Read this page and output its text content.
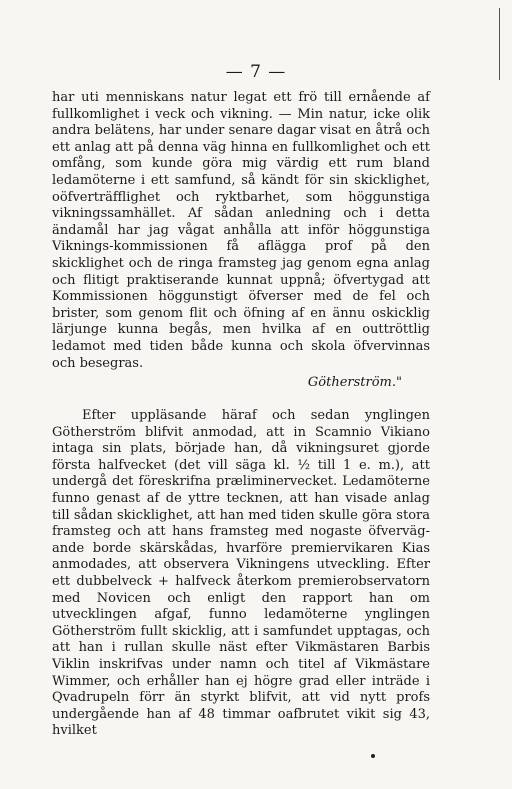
— 7 —

har uti menniskans natur legat ett frö till ernående af fullkomlighet i veck och vikning. — Min natur, icke olik andra belätens, har under senare dagar visat en åtrå och ett anlag att på denna väg hinna en fullkomlighet och ett omfång, som kunde göra mig värdig ett rum bland ledamöterne i ett samfund, så kändt för sin skicklighet, oöfverträfflighet och ryktbarhet, som höggunstiga vikningssamhället. Af sådan anledning och i detta ändamål har jag vågat anhålla att inför höggunstiga Viknings-kommissionen få aflägga prof på den skicklighet och de ringa framsteg jag genom egna anlag och flitigt praktiserande kunnat uppnå; öfvertygad att Kommissionen höggunstigt öfverser med de fel och brister, som genom flit och öfning af en ännu oskicklig lärjunge kunna begås, men hvilka af en outtröttlig ledamot med tiden både kunna och skola öfvervinnas och besegras.

Götherström."

Efter uppläsande häraf och sedan ynglingen Götherström blifvit anmodad, att in Scamnio Vikiano intaga sin plats, började han, då vikningsuret gjorde första halfvecket (det vill säga kl. ½ till 1 e. m.), att undergå det föreskrifna præliminervecket. Ledamöterne funno genast af de yttre tecknen, att han visade anlag till sådan skicklighet, att han med tiden skulle göra stora framsteg och att hans framsteg med nogaste öfvervägande borde skärskådas, hvarföre premiervikaren Kias anmodades, att observera Vikningens utveckling. Efter ett dubbelveck + halfveck återkom premierobservatorn med Novicen och enligt den rapport han om utvecklingen afgaf, funno ledamöterne ynglingen Götherström fullt skicklig, att i samfundet upptagas, och att han i rullan skulle näst efter Vikmästaren Barbis Viklin inskrifvas under namn och titel af Vikmästare Wimmer, och erhåller han ej högre grad eller inträde i Qvadrupeln förr än styrkt blifvit, att vid nytt profs undergående han af 48 timmar oafbrutet vikit sig 43, hvilket
